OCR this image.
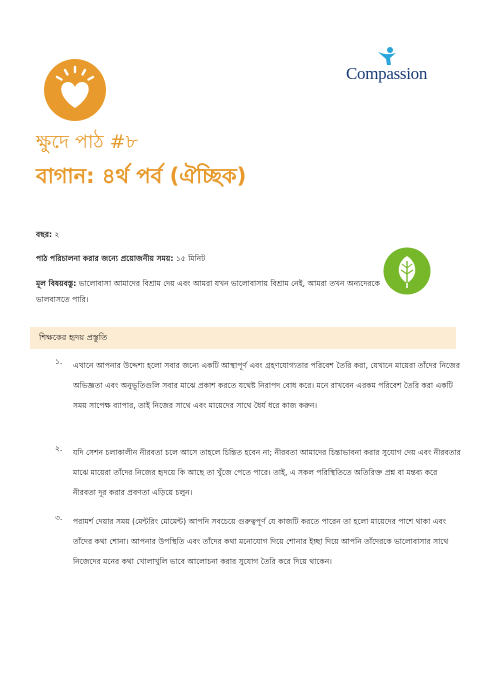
Compassion
ক্ষুদে পাঠ #৮
বাগান: ৪র্থ পর্ব (ঐচ্ছিক)
বছর: ২
পাঠ পরিচালনা করার জন্যে প্রয়োজনীয় সময়: ১৫ মিনিট
মূল বিষয়বস্তু: ভালোবাসা আমাদের বিশ্রাম দেয় এবং আমরা যখন ভালোবাসায় বিশ্রাম নেই, আমরা তখন অন্যদেরকে ভালবাসতে পারি।
শিক্ষকের হৃদয় প্রস্তুতি
১. এখানে আপনার উদ্দেশ্য হলো সবার জন্যে একটি আস্থাপূর্ণ এবং গ্রহণযোগ্যতার পরিবেশ তৈরি করা, যেখানে মায়েরা তাঁদের নিজের অভিজ্ঞতা এবং অনুভূতিগুলি সবার মাঝে প্রকাশ করতে যথেষ্ট নিরাপদ বোধ করে। মনে রাখবেন এরকম পরিবেশ তৈরি করা একটি সময় সাপেক্ষ ব্যাপার, তাই নিজের সাথে এবং মায়েদের সাথে ধৈর্য ধরে কাজ করুন।
২. যদি সেশন চলাকালীন নীরবতা চলে আসে তাহলে চিন্তিত হবেন না; নীরবতা আমাদের চিন্তাভাবনা করার সুযোগ দেয় এবং নীরবতার মাঝে মায়েরা তাঁদের নিজের হৃদয়ে কি আছে তা খুঁজে পেতে পারে। তাই, এ সকল পরিস্থিতিতে অতিরিক্ত প্রশ্ন বা মন্তব্য করে নীরবতা দূর করার প্রবণতা এড়িয়ে চলুন।
৩. পরামর্শ দেয়ার সময় (মেন্টরিং মোমেন্ট) আপনি সবচেয়ে গুরুত্বপূর্ণ যে কাজটি করতে পারেন তা হলো মায়েদের পাশে থাকা এবং তাঁদের কথা শোনা। আপনার উপস্থিতি এবং তাঁদের কথা মনোযোগ দিয়ে শোনার ইচ্ছা দিয়ে আপনি তাঁদেরকে ভালোবাসার সাথে নিজেদের মনের কথা খোলাখুলি ভাবে আলোচনা করার সুযোগ তৈরি করে দিয়ে থাকেন।
